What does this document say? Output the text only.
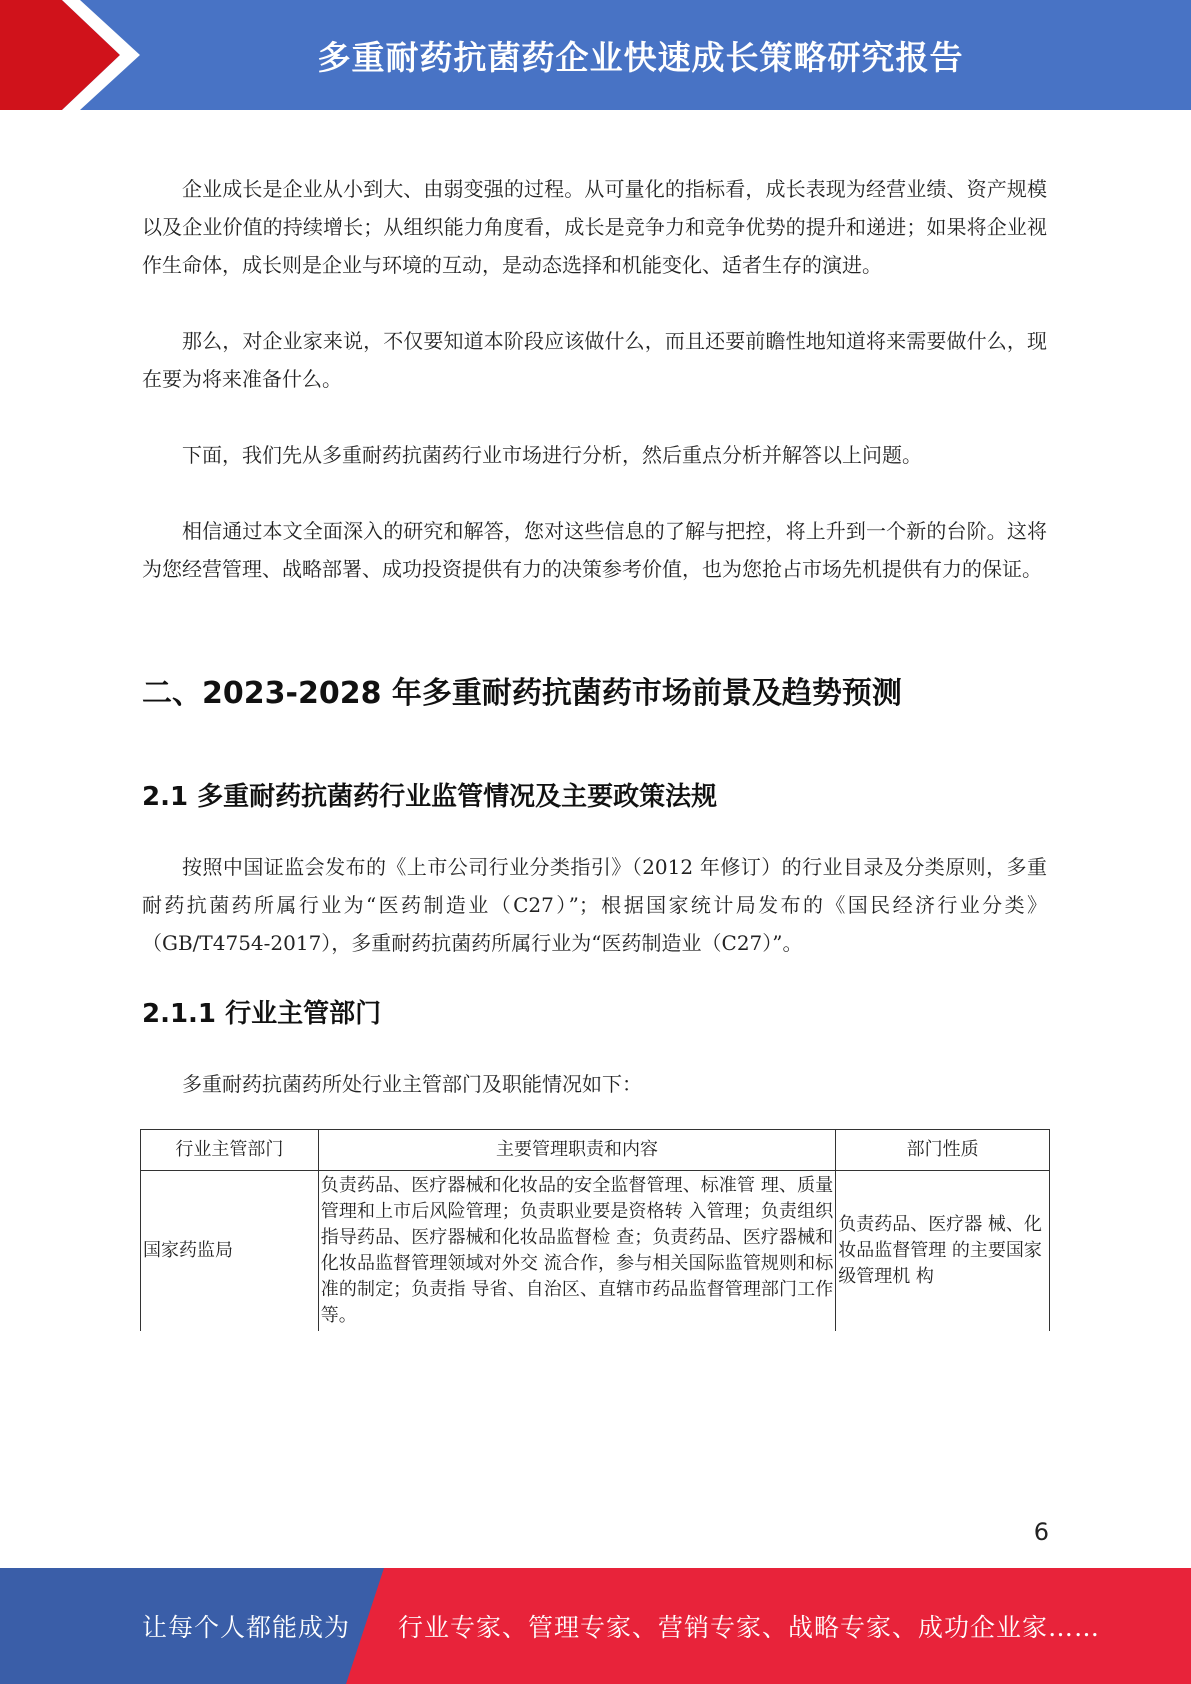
多重耐药抗菌药企业快速成长策略研究报告

企业成长是企业从小到大、由弱变强的过程。从可量化的指标看，成长表现为经营业绩、资产规模以及企业价值的持续增长；从组织能力角度看，成长是竞争力和竞争优势的提升和递进；如果将企业视作生命体，成长则是企业与环境的互动，是动态选择和机能变化、适者生存的演进。

那么，对企业家来说，不仅要知道本阶段应该做什么，而且还要前瞻性地知道将来需要做什么，现在要为将来准备什么。

下面，我们先从多重耐药抗菌药行业市场进行分析，然后重点分析并解答以上问题。

相信通过本文全面深入的研究和解答，您对这些信息的了解与把控，将上升到一个新的台阶。这将为您经营管理、战略部署、成功投资提供有力的决策参考价值，也为您抢占市场先机提供有力的保证。

二、2023-2028 年多重耐药抗菌药市场前景及趋势预测
2.1 多重耐药抗菌药行业监管情况及主要政策法规

按照中国证监会发布的《上市公司行业分类指引》（2012 年修订）的行业目录及分类原则，多重耐药抗菌药所属行业为“医药制造业（C27）”；根据国家统计局发布的《国民经济行业分类》（GB/T4754-2017），多重耐药抗菌药所属行业为“医药制造业（C27）”。

2.1.1 行业主管部门

多重耐药抗菌药所处行业主管部门及职能情况如下：

行业主管部门	主要管理职责和内容	部门性质
国家药监局	负责药品、医疗器械和化妆品的安全监督管理、标准管 理、质量管理和上市后风险管理；负责职业要是资格转 入管理；负责组织指导药品、医疗器械和化妆品监督检 查；负责药品、医疗器械和化妆品监督管理领域对外交 流合作，参与相关国际监管规则和标准的制定；负责指 导省、自治区、直辖市药品监督管理部门工作等。	负责药品、医疗器 械、化妆品监督管理 的主要国家级管理机 构
6
让每个人都能成为 行业专家、管理专家、营销专家、战略专家、成功企业家……
